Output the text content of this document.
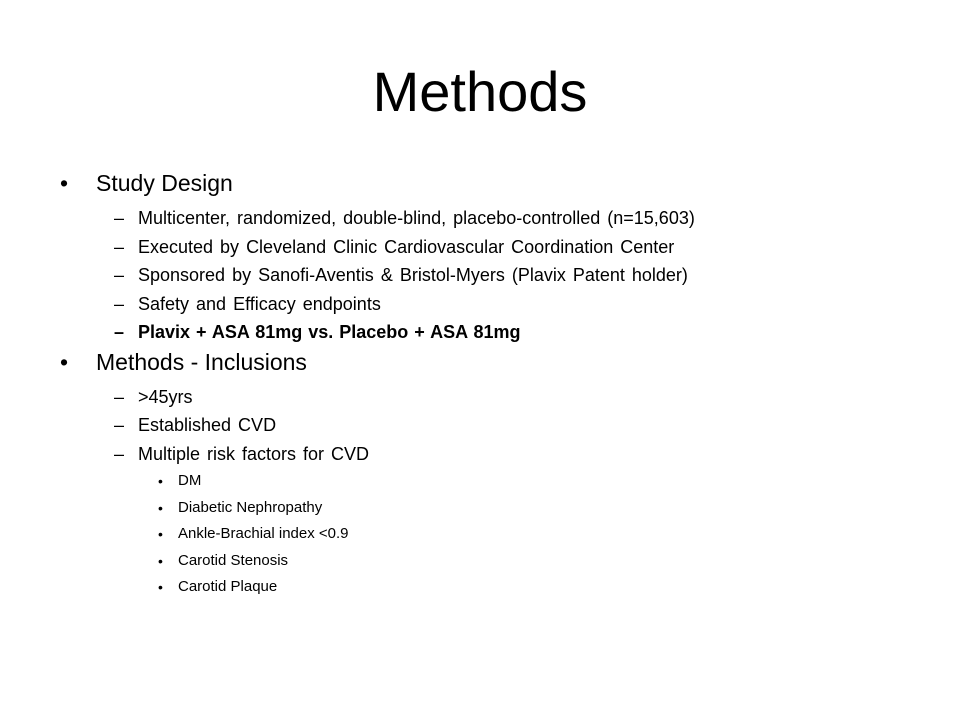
Methods
• Study Design
– Multicenter, randomized, double-blind, placebo-controlled (n=15,603)
– Executed by Cleveland Clinic Cardiovascular Coordination Center
– Sponsored by Sanofi-Aventis & Bristol-Myers (Plavix Patent holder)
– Safety and Efficacy endpoints
– Plavix + ASA 81mg vs. Placebo + ASA 81mg
• Methods - Inclusions
– >45yrs
– Established CVD
– Multiple risk factors for CVD
• DM
• Diabetic Nephropathy
• Ankle-Brachial index <0.9
• Carotid Stenosis
• Carotid Plaque
